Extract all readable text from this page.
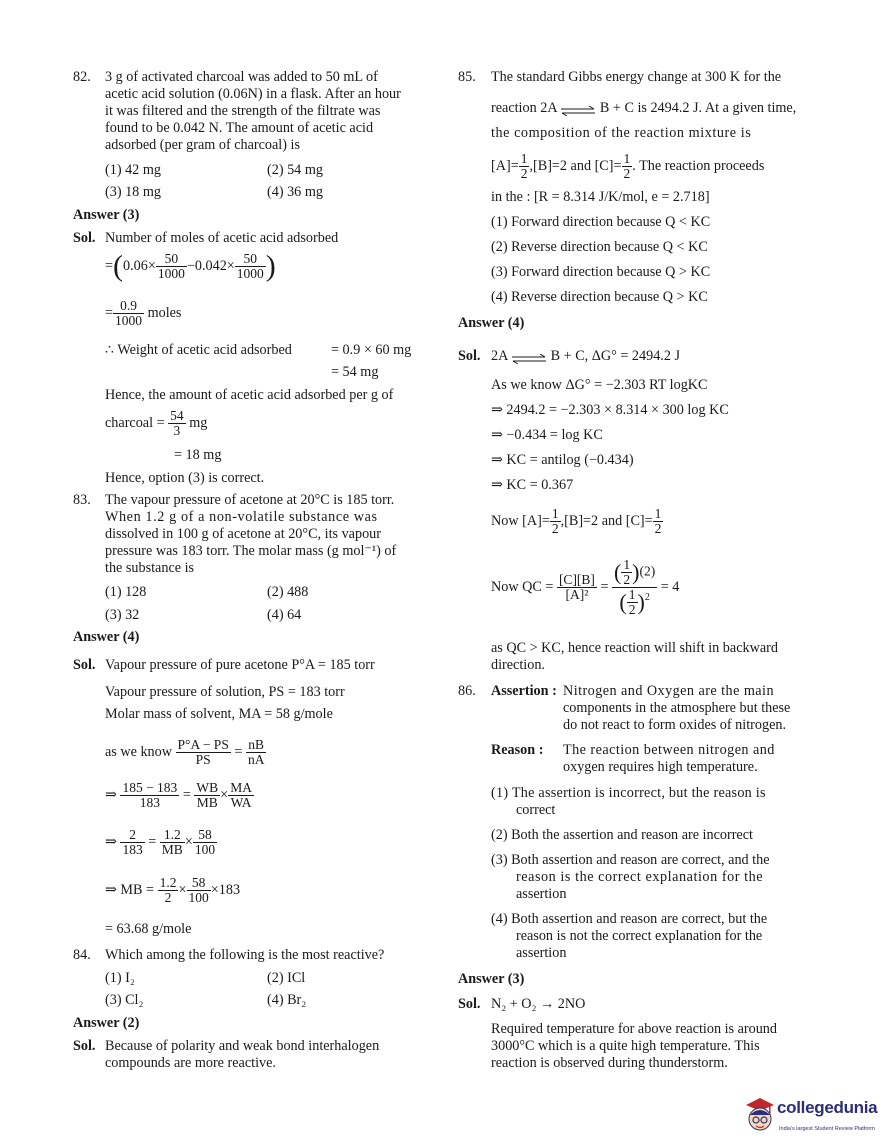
82. 3 g of activated charcoal was added to 50 mL of
acetic acid solution (0.06N) in a flask. After an hour
it was filtered and the strength of the filtrate was
found to be 0.042 N. The amount of acetic acid
adsorbed (per gram of charcoal) is
(1) 42 mg	(2) 54 mg
(3) 18 mg	(4) 36 mg
Answer (3)
Sol. Number of moles of acetic acid adsorbed
$=(0.06\times \frac{50}{1000} -0.042\times \frac{50}{1000}$ )
= $\frac{0.9}{1000}$ moles
∴ Weight of acetic acid adsorbed	= 0.9 × 60 mg
= 54 mg
Hence, the amount of acetic acid adsorbed per g of
charcoal = $\frac{54}{3}$ mg
= 18 mg
Hence, option (3) is correct.
83. The vapour pressure of acetone at 20°C is 185 torr.
When 1.2 g of a non-volatile substance was
dissolved in 100 g of acetone at 20°C, its vapour
pressure was 183 torr. The molar mass (g mol⁻¹) of
the substance is
(1) 128	(2) 488
(3) 32	(4) 64
Answer (4)
Sol. Vapour pressure of pure acetone P°A = 185 torr
Vapour pressure of solution, PS = 183 torr
Molar mass of solvent, MA = 58 g/mole
as we know $\frac{P^\circ A - PS}{PS} = \frac{nB}{nA}$
⇒ $\frac{185 - 183}{183} = \frac{WB}{MB} \times \frac{MA}{WA}$
⇒ $\frac{2}{183} = \frac{1.2}{MB} \times \frac{58}{100}$
⇒ MB = $\frac{1.2}{2} \times \frac{58}{100} \times 183$
= 63.68 g/mole
84. Which among the following is the most reactive?
(1) I₂	(2) ICl
(3) Cl₂	(4) Br₂
Answer (2)
Sol. Because of polarity and weak bond interhalogen
compounds are more reactive.
85. The standard Gibbs energy change at 300 K for the
reaction 2A ⇌ B + C is 2494.2 J. At a given time,
the composition of the reaction mixture is
$[A]= \frac{1}{2} ,[B]=2$ and $[C]= \frac{1}{2}$ . The reaction proceeds
in the : [R = 8.314 J/K/mol, e = 2.718]
(1) Forward direction because Q < KC
(2) Reverse direction because Q < KC
(3) Forward direction because Q > KC
(4) Reverse direction because Q > KC
Answer (4)
Sol. 2A ⇌ B + C, ΔG° = 2494.2 J
As we know ΔG° = −2.303 RT logKC
⇒ 2494.2 = −2.303 × 8.314 × 300 log KC
⇒ −0.434 = log KC
⇒ KC = antilog (−0.434)
⇒ KC = 0.367
Now $[A]= \frac{1}{2} ,[B]=2$ and $[C]= \frac{1}{2}$
Now QC = $\frac{[C][B]}{\text{[A]²}} = \frac{( \frac{1}{2} )(2)}{( \frac{1}{2} )^2} = 4$
as QC > KC, hence reaction will shift in backward
direction.
86. Assertion : Nitrogen and Oxygen are the main
components in the atmosphere but these
do not react to form oxides of nitrogen.
Reason : The reaction between nitrogen and
oxygen requires high temperature.
(1) The assertion is incorrect, but the reason is
correct
(2) Both the assertion and reason are incorrect
(3) Both assertion and reason are correct, and the
reason is the correct explanation for the
assertion
(4) Both assertion and reason are correct, but the
reason is not the correct explanation for the
assertion
Answer (3)
Sol. N₂ + O₂ → 2NO
Required temperature for above reaction is around
3000°C which is a quite high temperature. This
reaction is observed during thunderstorm.
collegedunia
India's largest Student Review Platform
